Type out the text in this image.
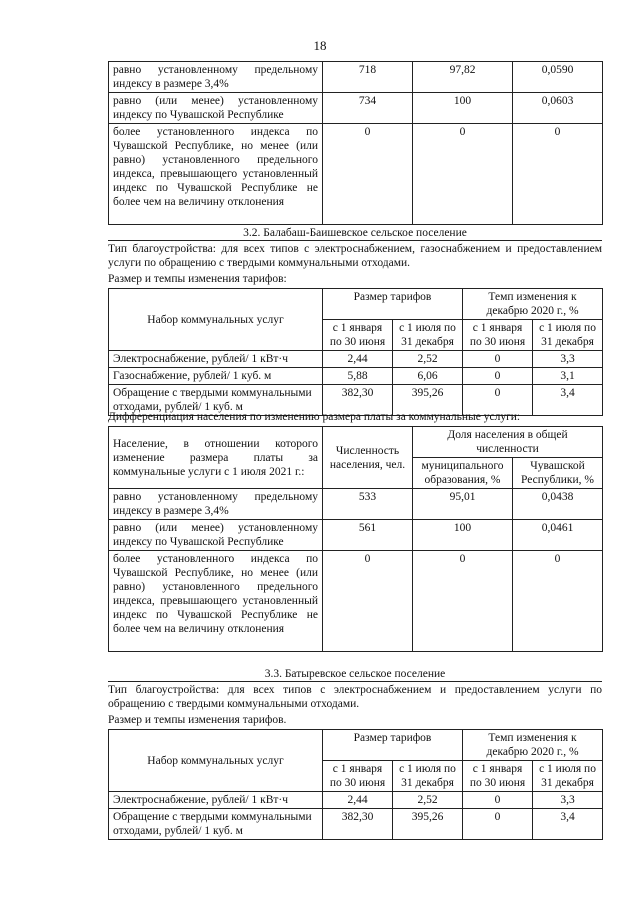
18
равно установленному предельному индексу в размере 3,4%	718	97,82	0,0590
равно (или менее) установленному индексу по Чувашской Республике	734	100	0,0603
более установленного индекса по Чувашской Республике, но менее (или равно) установленного предельного индекса, превышающего установленный индекс по Чувашской Республике не более чем на величину отклонения	0	0	0
3.2. Балабаш-Баишевское сельское поселение
Тип благоустройства: для всех типов с электроснабжением, газоснабжением и предоставлением услуги по обращению с твердыми коммунальными отходами.
Размер и темпы изменения тарифов:
Набор коммунальных услуг	Размер тарифов		Темп изменения к декабрю 2020 г., %	
	с 1 января по 30 июня	с 1 июля по 31 декабря	с 1 января по 30 июня	с 1 июля по 31 декабря
Электроснабжение, рублей/ 1 кВт·ч	2,44	2,52	0	3,3
Газоснабжение, рублей/ 1 куб. м	5,88	6,06	0	3,1
Обращение с твердыми коммунальными отходами, рублей/ 1 куб. м	382,30	395,26	0	3,4
Дифференциация населения по изменению размера платы за коммунальные услуги:
Население, в отношении которого изменение размера платы за коммунальные услуги с 1 июля 2021 г.:	Численность населения, чел.	Доля населения в общей численности	
		муниципального образования, %	Чувашской Республики, %
равно установленному предельному индексу в размере 3,4%	533	95,01	0,0438
равно (или менее) установленному индексу по Чувашской Республике	561	100	0,0461
более установленного индекса по Чувашской Республике, но менее (или равно) установленного предельного индекса, превышающего установленный индекс по Чувашской Республике не более чем на величину отклонения	0	0	0
3.3. Батыревское сельское поселение
Тип благоустройства: для всех типов с электроснабжением и предоставлением услуги по обращению с твердыми коммунальными отходами.
Размер и темпы изменения тарифов.
Набор коммунальных услуг	Размер тарифов		Темп изменения к декабрю 2020 г., %	
	с 1 января по 30 июня	с 1 июля по 31 декабря	с 1 января по 30 июня	с 1 июля по 31 декабря
Электроснабжение, рублей/ 1 кВт·ч	2,44	2,52	0	3,3
Обращение с твердыми коммунальными отходами, рублей/ 1 куб. м	382,30	395,26	0	3,4
